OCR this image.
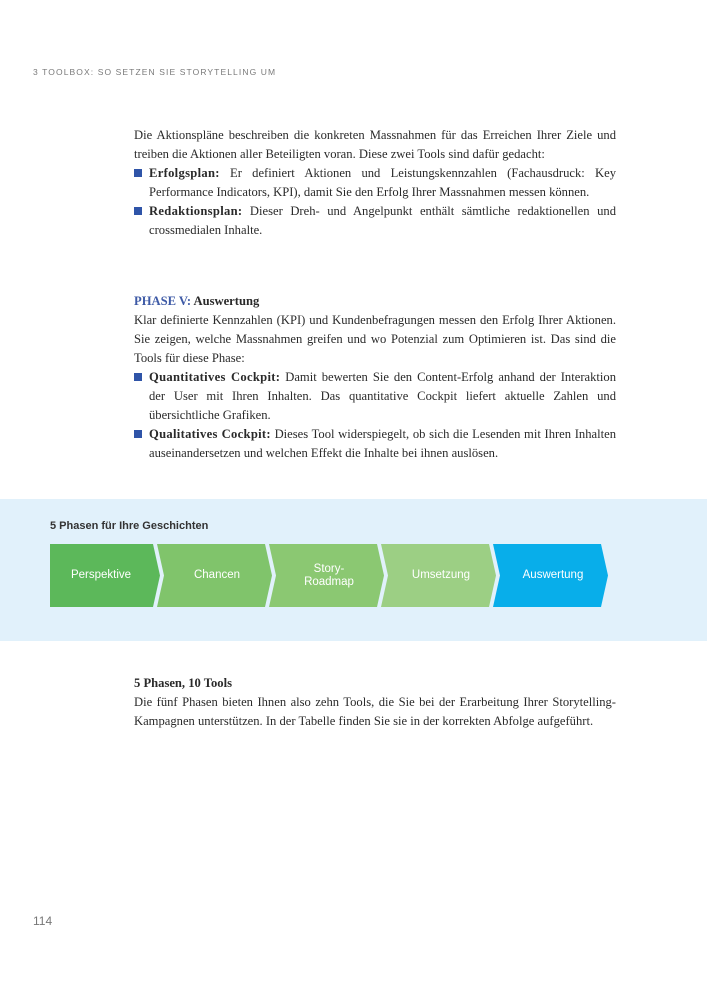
3 TOOLBOX: SO SETZEN SIE STORYTELLING UM

Die Aktionspläne beschreiben die konkreten Massnahmen für das Erreichen Ihrer Ziele und treiben die Aktionen aller Beteiligten voran. Diese zwei Tools sind dafür gedacht:

Erfolgsplan: Er definiert Aktionen und Leistungskennzahlen (Fachausdruck: Key Performance Indicators, KPI), damit Sie den Erfolg Ihrer Massnahmen messen können.
Redaktionsplan: Dieser Dreh- und Angelpunkt enthält sämtliche redaktionellen und crossmedialen Inhalte.
PHASE V: Auswertung

Klar definierte Kennzahlen (KPI) und Kundenbefragungen messen den Erfolg Ihrer Aktionen. Sie zeigen, welche Massnahmen greifen und wo Potenzial zum Optimieren ist. Das sind die Tools für diese Phase:

Quantitatives Cockpit: Damit bewerten Sie den Content-Erfolg anhand der Interaktion der User mit Ihren Inhalten. Das quantitative Cockpit liefert aktuelle Zahlen und übersichtliche Grafiken.
Qualitatives Cockpit: Dieses Tool widerspiegelt, ob sich die Lesenden mit Ihren Inhalten auseinandersetzen und welchen Effekt die Inhalte bei ihnen auslösen.
5 Phasen für Ihre Geschichten
Perspektive	Chancen
Story-
Roadmap
Umsetzung	Auswertung
5 Phasen, 10 Tools

Die fünf Phasen bieten Ihnen also zehn Tools, die Sie bei der Erarbeitung Ihrer Storytelling-Kampagnen unterstützen. In der Tabelle finden Sie sie in der korrekten Abfolge aufgeführt.

114
